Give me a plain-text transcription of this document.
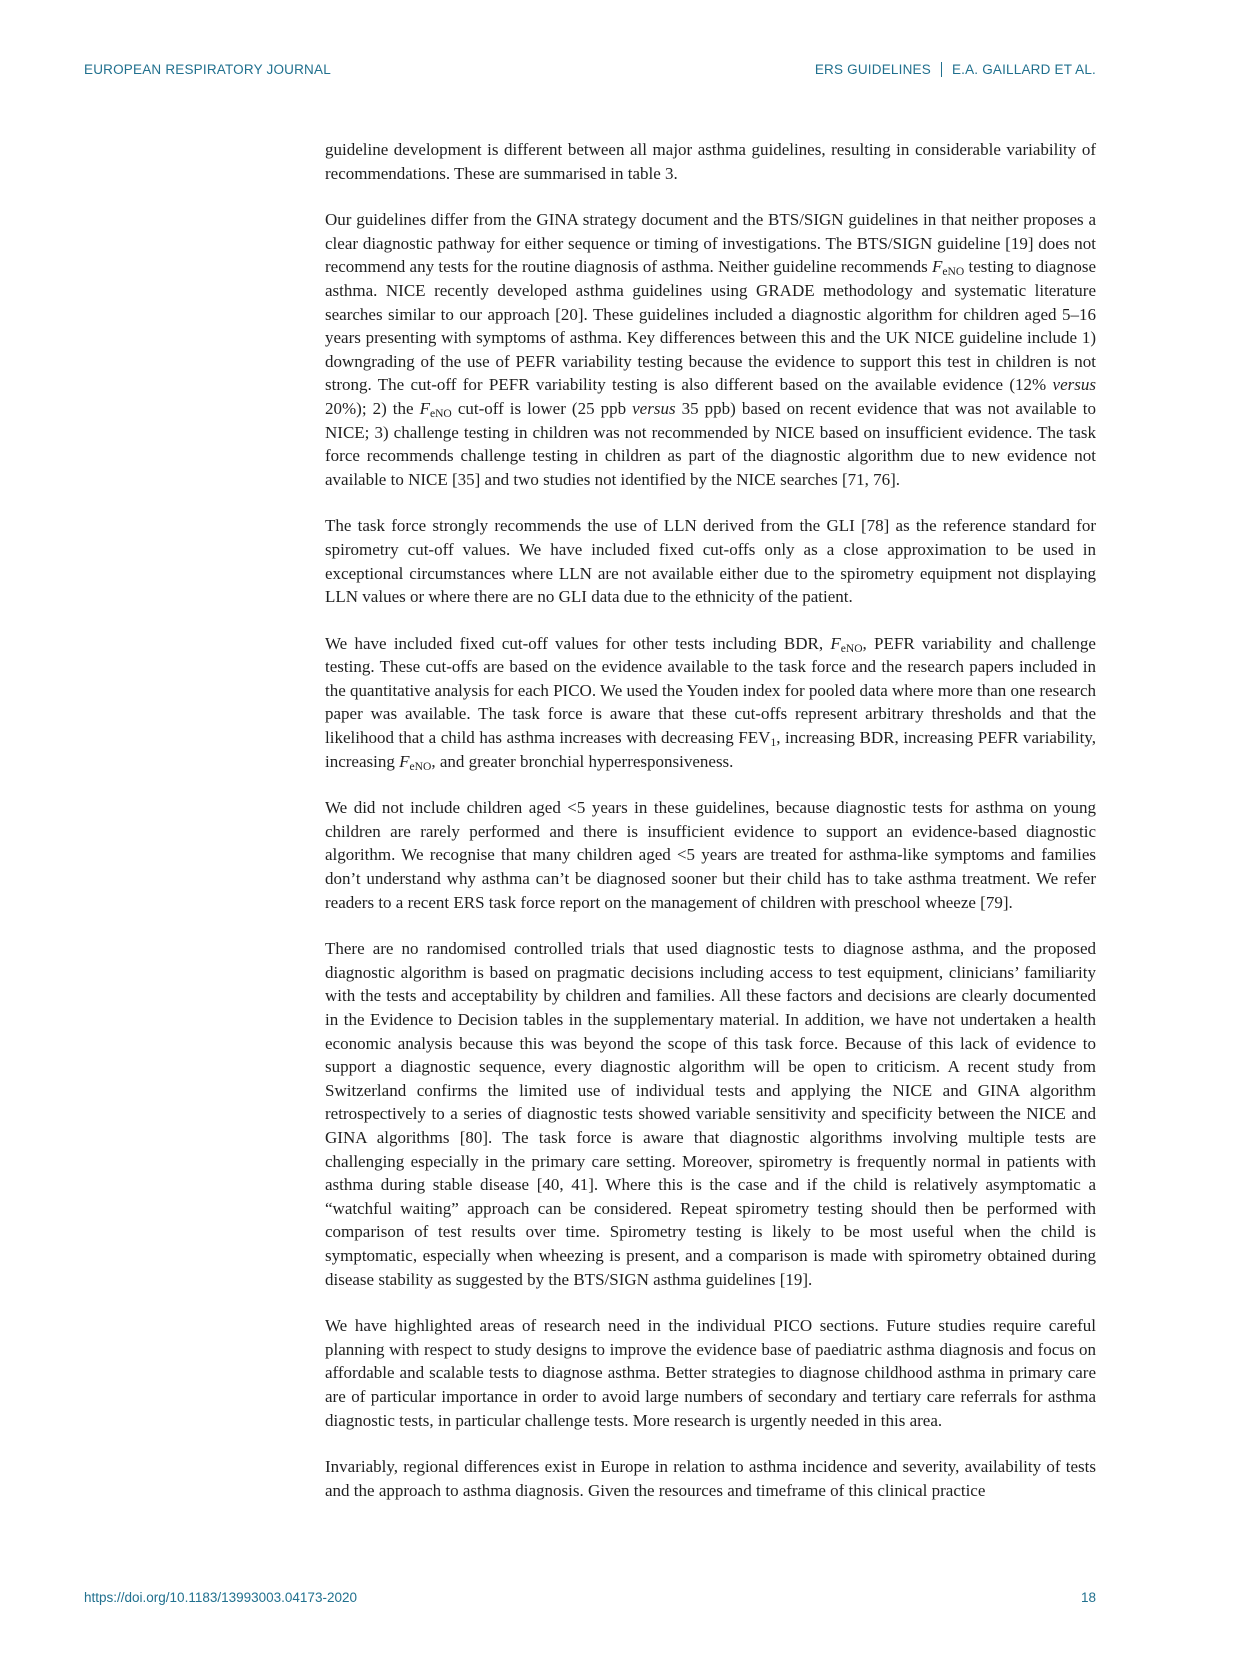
EUROPEAN RESPIRATORY JOURNAL	ERS GUIDELINES E.A. GAILLARD ET AL.

guideline development is different between all major asthma guidelines, resulting in considerable variability of recommendations. These are summarised in table 3.

Our guidelines differ from the GINA strategy document and the BTS/SIGN guidelines in that neither proposes a clear diagnostic pathway for either sequence or timing of investigations. The BTS/SIGN guideline [19] does not recommend any tests for the routine diagnosis of asthma. Neither guideline recommends $F_{eNO}$ testing to diagnose asthma. NICE recently developed asthma guidelines using GRADE methodology and systematic literature searches similar to our approach [20]. These guidelines included a diagnostic algorithm for children aged 5–16 years presenting with symptoms of asthma. Key differences between this and the UK NICE guideline include 1) downgrading of the use of PEFR variability testing because the evidence to support this test in children is not strong. The cut-off for PEFR variability testing is also different based on the available evidence (12% versus 20%); 2) the $F_{eNO}$ cut-off is lower (25 ppb versus 35 ppb) based on recent evidence that was not available to NICE; 3) challenge testing in children was not recommended by NICE based on insufficient evidence. The task force recommends challenge testing in children as part of the diagnostic algorithm due to new evidence not available to NICE [35] and two studies not identified by the NICE searches [71, 76].

The task force strongly recommends the use of LLN derived from the GLI [78] as the reference standard for spirometry cut-off values. We have included fixed cut-offs only as a close approximation to be used in exceptional circumstances where LLN are not available either due to the spirometry equipment not displaying LLN values or where there are no GLI data due to the ethnicity of the patient.

We have included fixed cut-off values for other tests including BDR, $F_{eNO}$, PEFR variability and challenge testing. These cut-offs are based on the evidence available to the task force and the research papers included in the quantitative analysis for each PICO. We used the Youden index for pooled data where more than one research paper was available. The task force is aware that these cut-offs represent arbitrary thresholds and that the likelihood that a child has asthma increases with decreasing $FEV_1$, increasing BDR, increasing PEFR variability, increasing $F_{eNO}$, and greater bronchial hyperresponsiveness.

We did not include children aged <5 years in these guidelines, because diagnostic tests for asthma on young children are rarely performed and there is insufficient evidence to support an evidence-based diagnostic algorithm. We recognise that many children aged <5 years are treated for asthma-like symptoms and families don’t understand why asthma can’t be diagnosed sooner but their child has to take asthma treatment. We refer readers to a recent ERS task force report on the management of children with preschool wheeze [79].

There are no randomised controlled trials that used diagnostic tests to diagnose asthma, and the proposed diagnostic algorithm is based on pragmatic decisions including access to test equipment, clinicians’ familiarity with the tests and acceptability by children and families. All these factors and decisions are clearly documented in the Evidence to Decision tables in the supplementary material. In addition, we have not undertaken a health economic analysis because this was beyond the scope of this task force. Because of this lack of evidence to support a diagnostic sequence, every diagnostic algorithm will be open to criticism. A recent study from Switzerland confirms the limited use of individual tests and applying the NICE and GINA algorithm retrospectively to a series of diagnostic tests showed variable sensitivity and specificity between the NICE and GINA algorithms [80]. The task force is aware that diagnostic algorithms involving multiple tests are challenging especially in the primary care setting. Moreover, spirometry is frequently normal in patients with asthma during stable disease [40, 41]. Where this is the case and if the child is relatively asymptomatic a “watchful waiting” approach can be considered. Repeat spirometry testing should then be performed with comparison of test results over time. Spirometry testing is likely to be most useful when the child is symptomatic, especially when wheezing is present, and a comparison is made with spirometry obtained during disease stability as suggested by the BTS/SIGN asthma guidelines [19].

We have highlighted areas of research need in the individual PICO sections. Future studies require careful planning with respect to study designs to improve the evidence base of paediatric asthma diagnosis and focus on affordable and scalable tests to diagnose asthma. Better strategies to diagnose childhood asthma in primary care are of particular importance in order to avoid large numbers of secondary and tertiary care referrals for asthma diagnostic tests, in particular challenge tests. More research is urgently needed in this area.

Invariably, regional differences exist in Europe in relation to asthma incidence and severity, availability of tests and the approach to asthma diagnosis. Given the resources and timeframe of this clinical practice

https://doi.org/10.1183/13993003.04173-2020	18
